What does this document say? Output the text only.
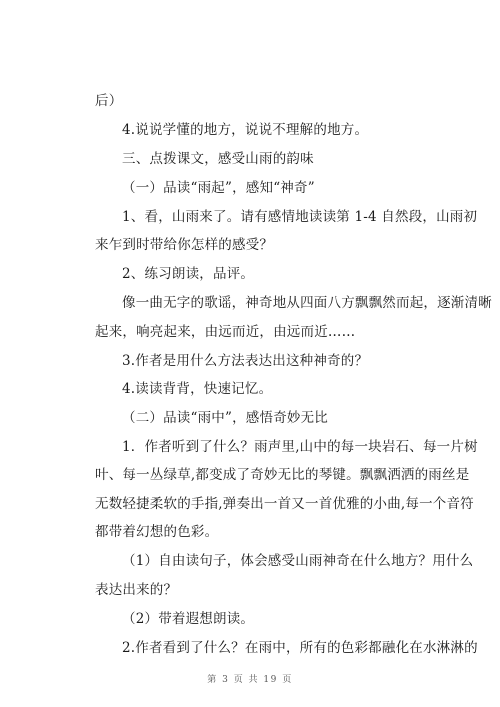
后）
4.说说学懂的地方，说说不理解的地方。
三、点拨课文，感受山雨的韵味
（一）品读“雨起”，感知“神奇”
1、看，山雨来了。请有感情地读读第 1-4 自然段，山雨初
来乍到时带给你怎样的感受？
2、练习朗读，品评。
像一曲无字的歌谣，神奇地从四面八方飘飘然而起，逐渐清晰
起来，响亮起来，由远而近，由远而近……
3.作者是用什么方法表达出这种神奇的？
4.读读背背，快速记忆。
（二）品读“雨中”，感悟奇妙无比
1．作者听到了什么？雨声里,山中的每一块岩石、每一片树
叶、每一丛绿草,都变成了奇妙无比的琴键。飘飘洒洒的雨丝是
无数轻捷柔软的手指,弹奏出一首又一首优雅的小曲,每一个音符
都带着幻想的色彩。
（1）自由读句子，体会感受山雨神奇在什么地方？用什么
表达出来的？
（2）带着遐想朗读。
2.作者看到了什么？在雨中，所有的色彩都融化在水淋淋的
第 3 页 共 19 页
